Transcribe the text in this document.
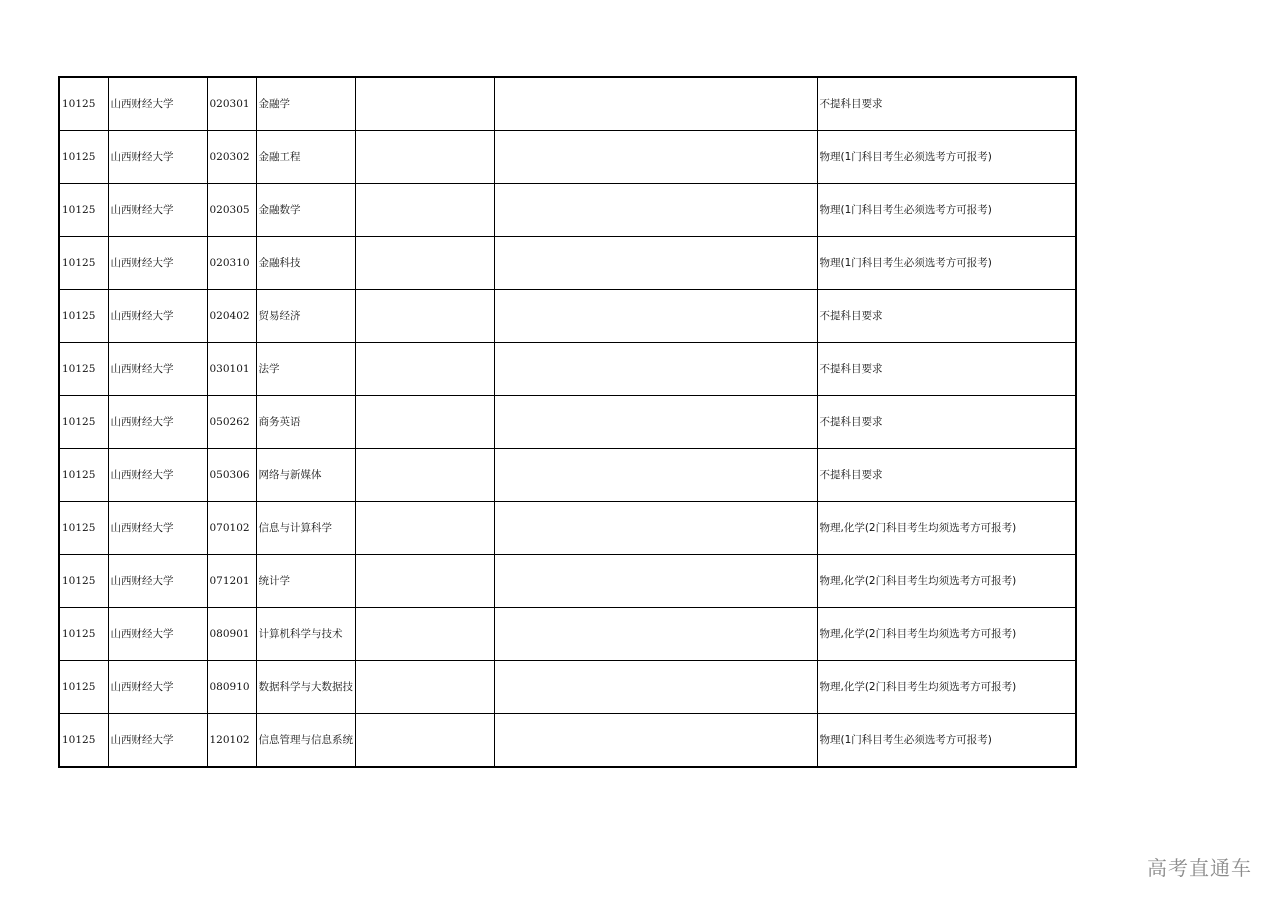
10125	山西财经大学	020301	金融学			不提科目要求
10125	山西财经大学	020302	金融工程			物理(1门科目考生必须选考方可报考)
10125	山西财经大学	020305	金融数学			物理(1门科目考生必须选考方可报考)
10125	山西财经大学	020310	金融科技			物理(1门科目考生必须选考方可报考)
10125	山西财经大学	020402	贸易经济			不提科目要求
10125	山西财经大学	030101	法学			不提科目要求
10125	山西财经大学	050262	商务英语			不提科目要求
10125	山西财经大学	050306	网络与新媒体			不提科目要求
10125	山西财经大学	070102	信息与计算科学			物理,化学(2门科目考生均须选考方可报考)
10125	山西财经大学	071201	统计学			物理,化学(2门科目考生均须选考方可报考)
10125	山西财经大学	080901	计算机科学与技术			物理,化学(2门科目考生均须选考方可报考)
10125	山西财经大学	080910	数据科学与大数据技			物理,化学(2门科目考生均须选考方可报考)
10125	山西财经大学	120102	信息管理与信息系统			物理(1门科目考生必须选考方可报考)
高考直通车
